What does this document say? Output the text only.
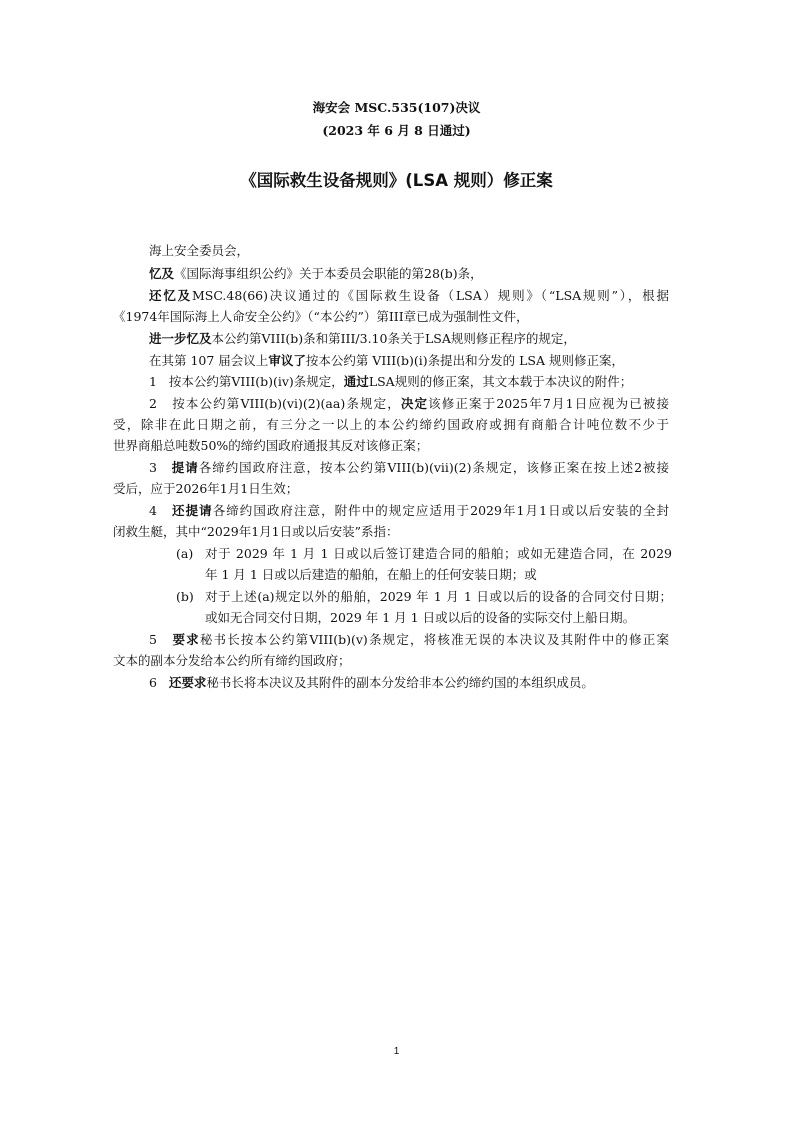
海安会 MSC.535(107)决议
(2023 年 6 月 8 日通过)
《国际救生设备规则》(LSA 规则）修正案
海上安全委员会，
忆及《国际海事组织公约》关于本委员会职能的第28(b)条，
还忆及MSC.48(66)决议通过的《国际救生设备（LSA）规则》（“LSA规则”），根据
《1974年国际海上人命安全公约》（“本公约”）第III章已成为强制性文件，
进一步忆及本公约第VIII(b)条和第III/3.10条关于LSA规则修正程序的规定，
在其第 107 届会议上审议了按本公约第 VIII(b)(i)条提出和分发的 LSA 规则修正案，
1 按本公约第VIII(b)(iv)条规定，通过LSA规则的修正案，其文本载于本决议的附件；
2 按本公约第VIII(b)(vi)(2)(aa)条规定，决定该修正案于2025年7月1日应视为已被接
受，除非在此日期之前，有三分之一以上的本公约缔约国政府或拥有商船合计吨位数不少于
世界商船总吨数50%的缔约国政府通报其反对该修正案；
3 提请各缔约国政府注意，按本公约第VIII(b)(vii)(2)条规定，该修正案在按上述2被接
受后，应于2026年1月1日生效；
4 还提请各缔约国政府注意，附件中的规定应适用于2029年1月1日或以后安装的全封
闭救生艇，其中“2029年1月1日或以后安装”系指：
(a) 对于 2029 年 1 月 1 日或以后签订建造合同的船舶；或如无建造合同，在 2029
年 1 月 1 日或以后建造的船舶，在船上的任何安装日期；或
(b) 对于上述(a)规定以外的船舶，2029 年 1 月 1 日或以后的设备的合同交付日期；
或如无合同交付日期，2029 年 1 月 1 日或以后的设备的实际交付上船日期。
5 要求秘书长按本公约第VIII(b)(v)条规定，将核准无误的本决议及其附件中的修正案
文本的副本分发给本公约所有缔约国政府；
6 还要求秘书长将本决议及其附件的副本分发给非本公约缔约国的本组织成员。
1
